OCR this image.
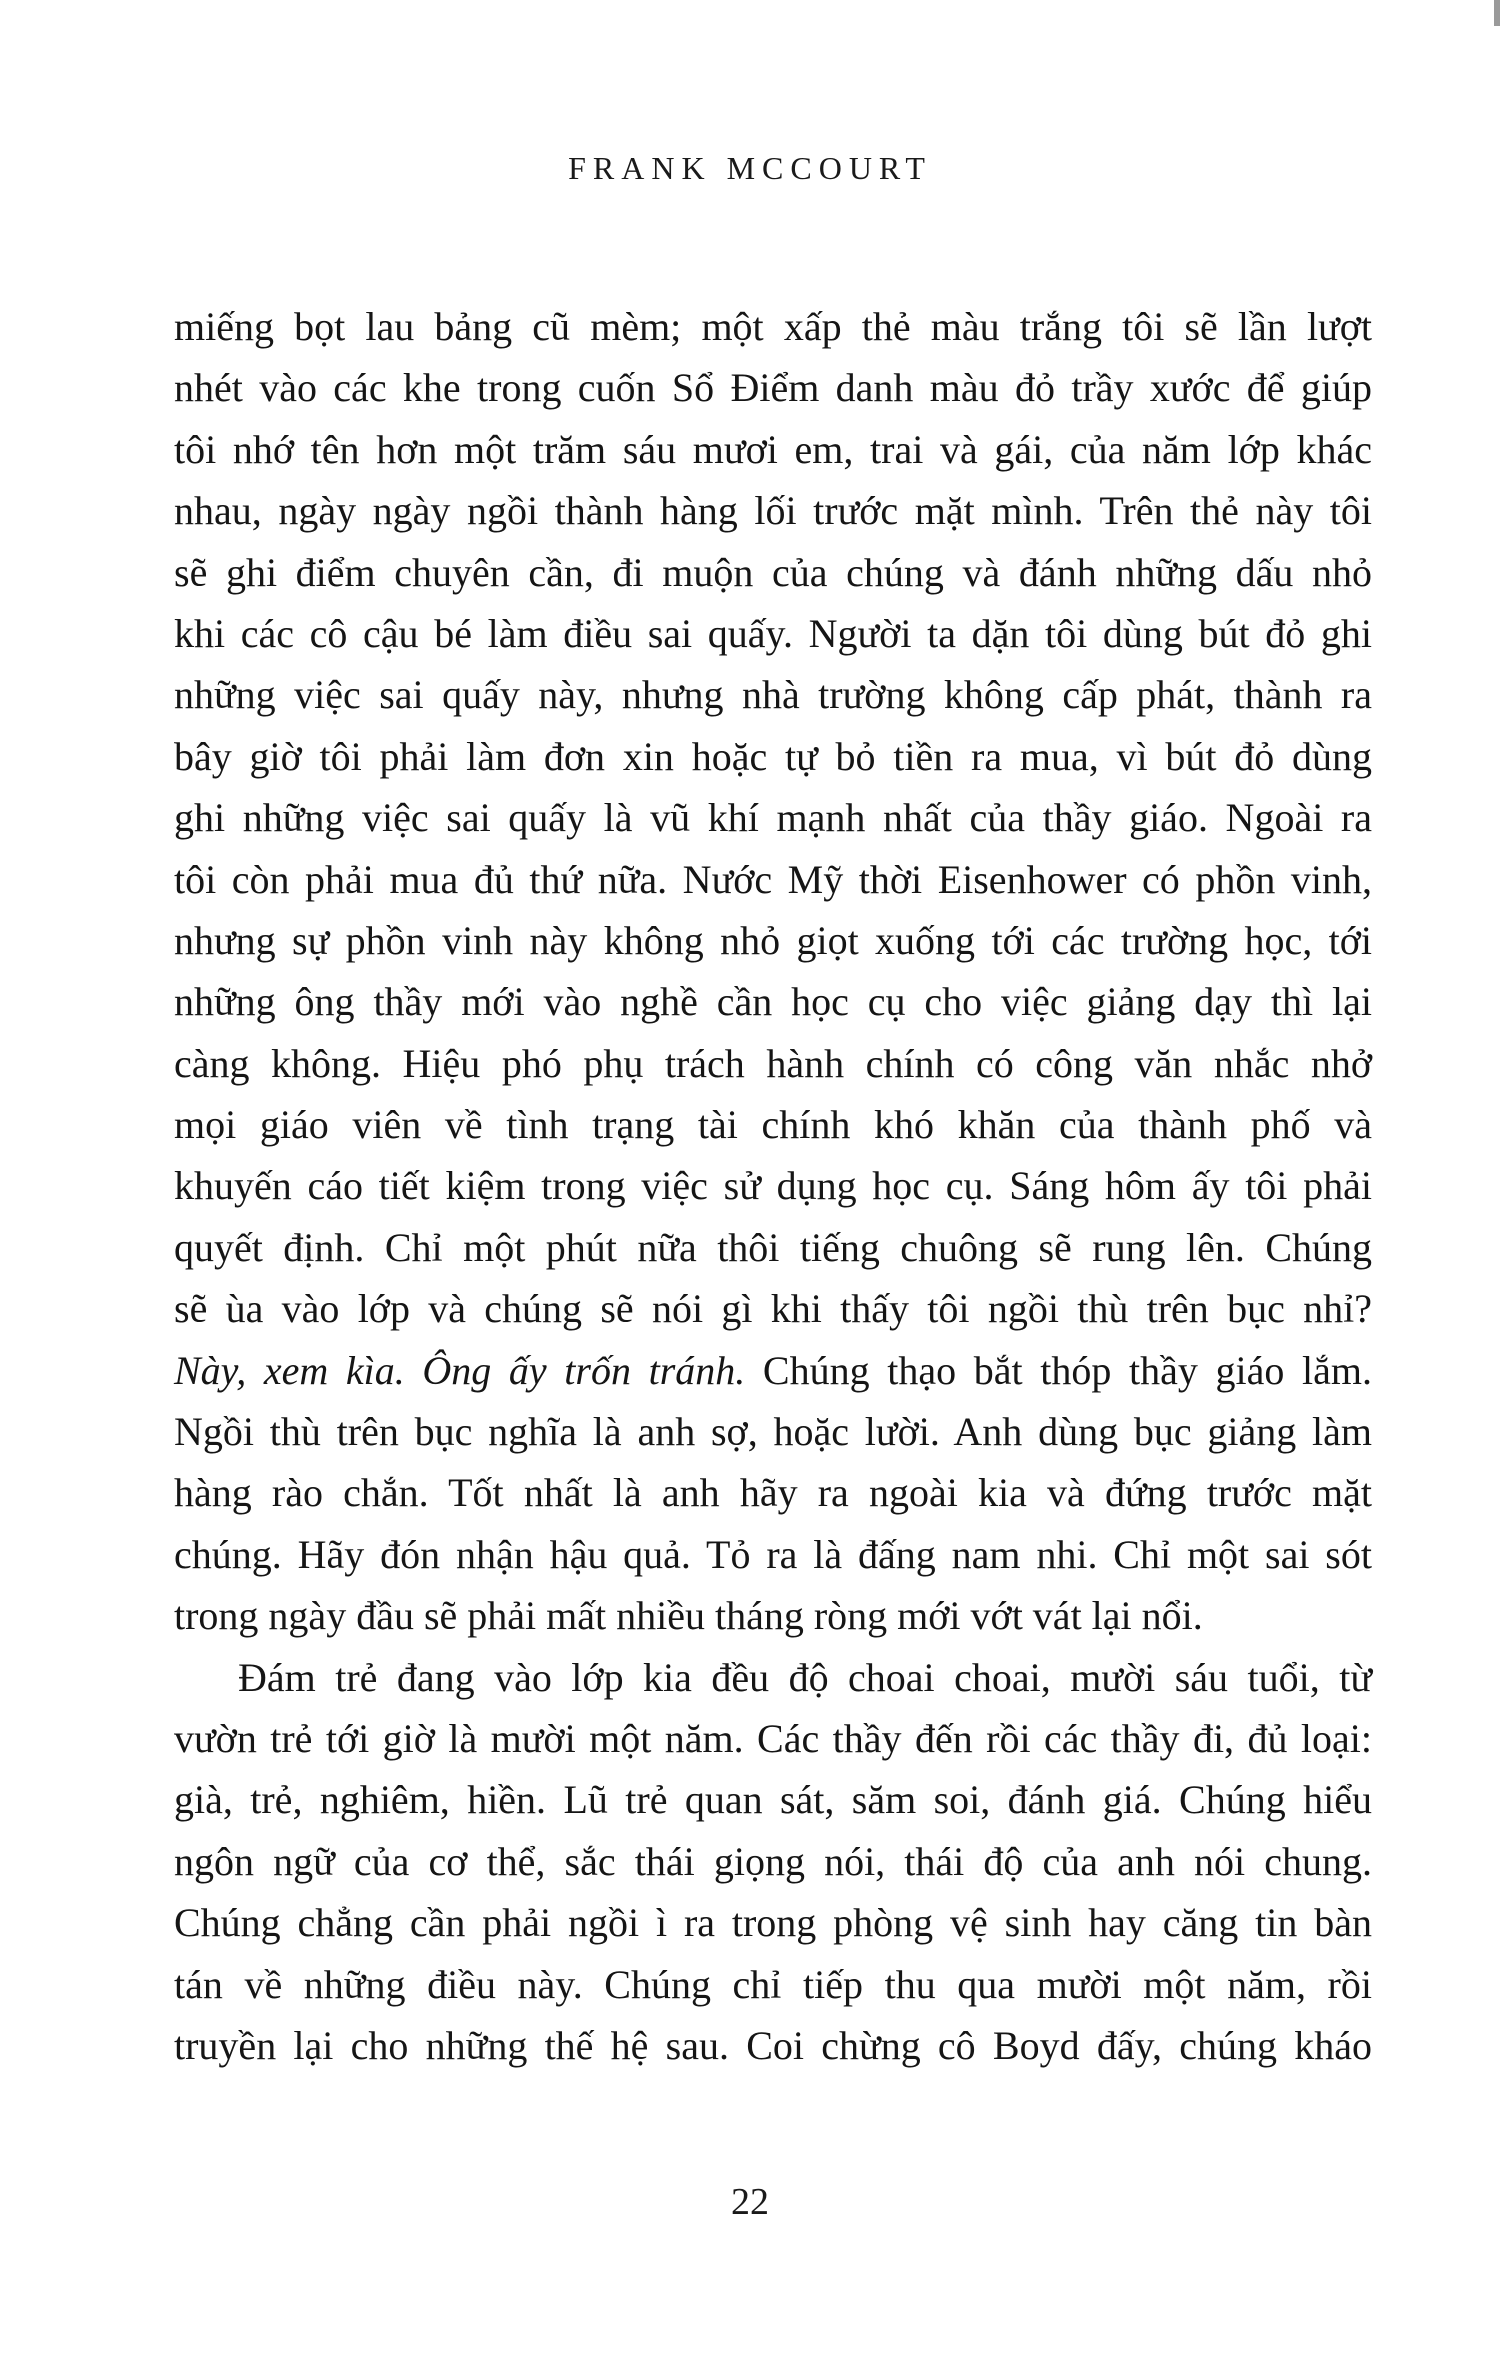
FRANK MCCOURT
miếng bọt lau bảng cũ mèm; một xấp thẻ màu trắng tôi sẽ lần lượt
nhét vào các khe trong cuốn Sổ Điểm danh màu đỏ trầy xước để giúp
tôi nhớ tên hơn một trăm sáu mươi em, trai và gái, của năm lớp khác
nhau, ngày ngày ngồi thành hàng lối trước mặt mình. Trên thẻ này tôi
sẽ ghi điểm chuyên cần, đi muộn của chúng và đánh những dấu nhỏ
khi các cô cậu bé làm điều sai quấy. Người ta dặn tôi dùng bút đỏ ghi
những việc sai quấy này, nhưng nhà trường không cấp phát, thành ra
bây giờ tôi phải làm đơn xin hoặc tự bỏ tiền ra mua, vì bút đỏ dùng
ghi những việc sai quấy là vũ khí mạnh nhất của thầy giáo. Ngoài ra
tôi còn phải mua đủ thứ nữa. Nước Mỹ thời Eisenhower có phồn vinh,
nhưng sự phồn vinh này không nhỏ giọt xuống tới các trường học, tới
những ông thầy mới vào nghề cần học cụ cho việc giảng dạy thì lại
càng không. Hiệu phó phụ trách hành chính có công văn nhắc nhở
mọi giáo viên về tình trạng tài chính khó khăn của thành phố và
khuyến cáo tiết kiệm trong việc sử dụng học cụ. Sáng hôm ấy tôi phải
quyết định. Chỉ một phút nữa thôi tiếng chuông sẽ rung lên. Chúng
sẽ ùa vào lớp và chúng sẽ nói gì khi thấy tôi ngồi thù trên bục nhỉ?
Này, xem kìa. Ông ấy trốn tránh. Chúng thạo bắt thóp thầy giáo lắm.
Ngồi thù trên bục nghĩa là anh sợ, hoặc lười. Anh dùng bục giảng làm
hàng rào chắn. Tốt nhất là anh hãy ra ngoài kia và đứng trước mặt
chúng. Hãy đón nhận hậu quả. Tỏ ra là đấng nam nhi. Chỉ một sai sót
trong ngày đầu sẽ phải mất nhiều tháng ròng mới vớt vát lại nổi.
Đám trẻ đang vào lớp kia đều độ choai choai, mười sáu tuổi, từ
vườn trẻ tới giờ là mười một năm. Các thầy đến rồi các thầy đi, đủ loại:
già, trẻ, nghiêm, hiền. Lũ trẻ quan sát, săm soi, đánh giá. Chúng hiểu
ngôn ngữ của cơ thể, sắc thái giọng nói, thái độ của anh nói chung.
Chúng chẳng cần phải ngồi ì ra trong phòng vệ sinh hay căng tin bàn
tán về những điều này. Chúng chỉ tiếp thu qua mười một năm, rồi
truyền lại cho những thế hệ sau. Coi chừng cô Boyd đấy, chúng kháo
22
